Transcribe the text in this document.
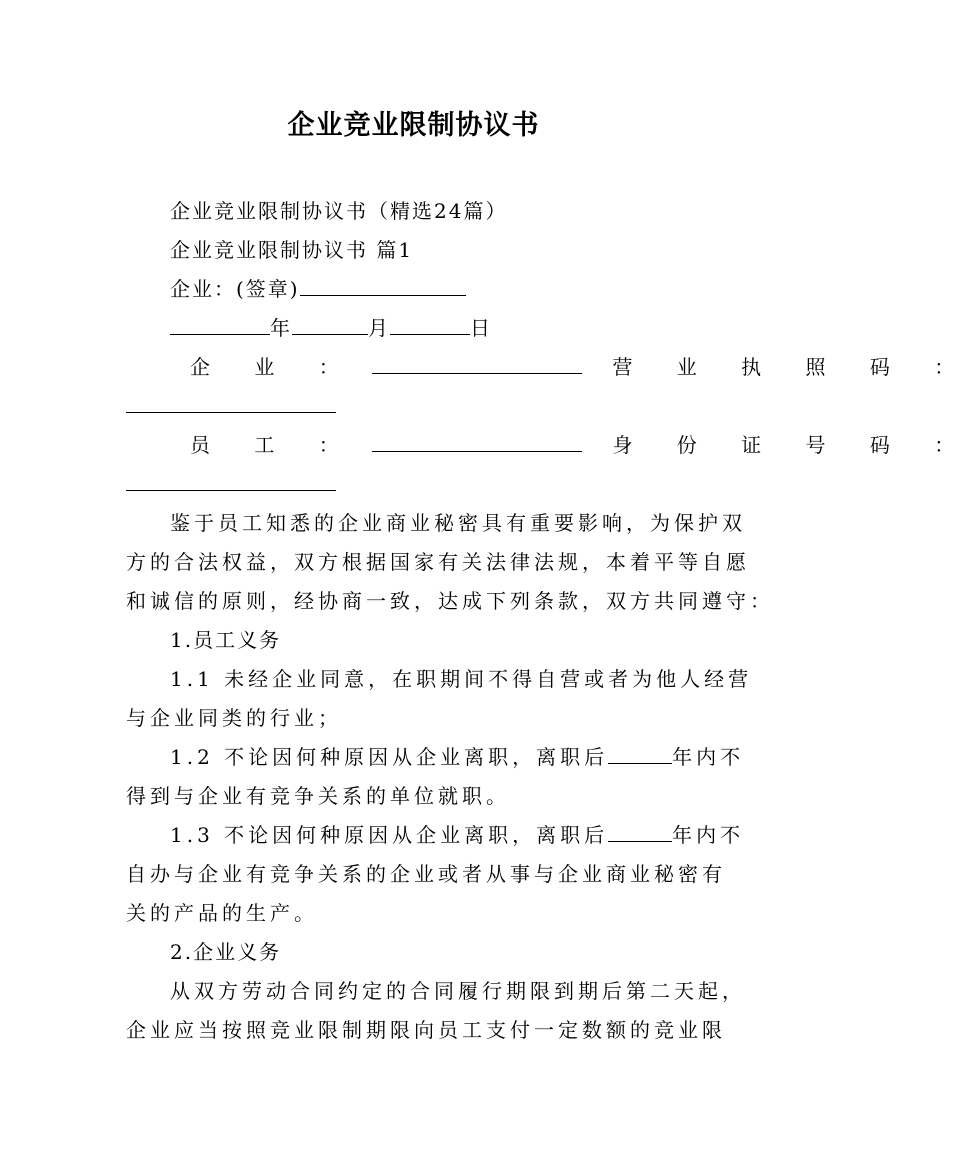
企业竞业限制协议书
企业竞业限制协议书（精选24篇）
企业竞业限制协议书 篇1
企业：(签章)
年	月	日
企 业 ：	营 业 执 照 码 ：
员 工 ：	身 份 证 号 码 ：
鉴于员工知悉的企业商业秘密具有重要影响，为保护双
方的合法权益，双方根据国家有关法律法规，本着平等自愿
和诚信的原则，经协商一致，达成下列条款，双方共同遵守：
1.员工义务
1.1 未经企业同意，在职期间不得自营或者为他人经营
与企业同类的行业；
1.2 不论因何种原因从企业离职，离职后	年内不
得到与企业有竞争关系的单位就职。
1.3 不论因何种原因从企业离职，离职后	年内不
自办与企业有竞争关系的企业或者从事与企业商业秘密有
关的产品的生产。
2.企业义务
从双方劳动合同约定的合同履行期限到期后第二天起，
企业应当按照竞业限制期限向员工支付一定数额的竞业限
